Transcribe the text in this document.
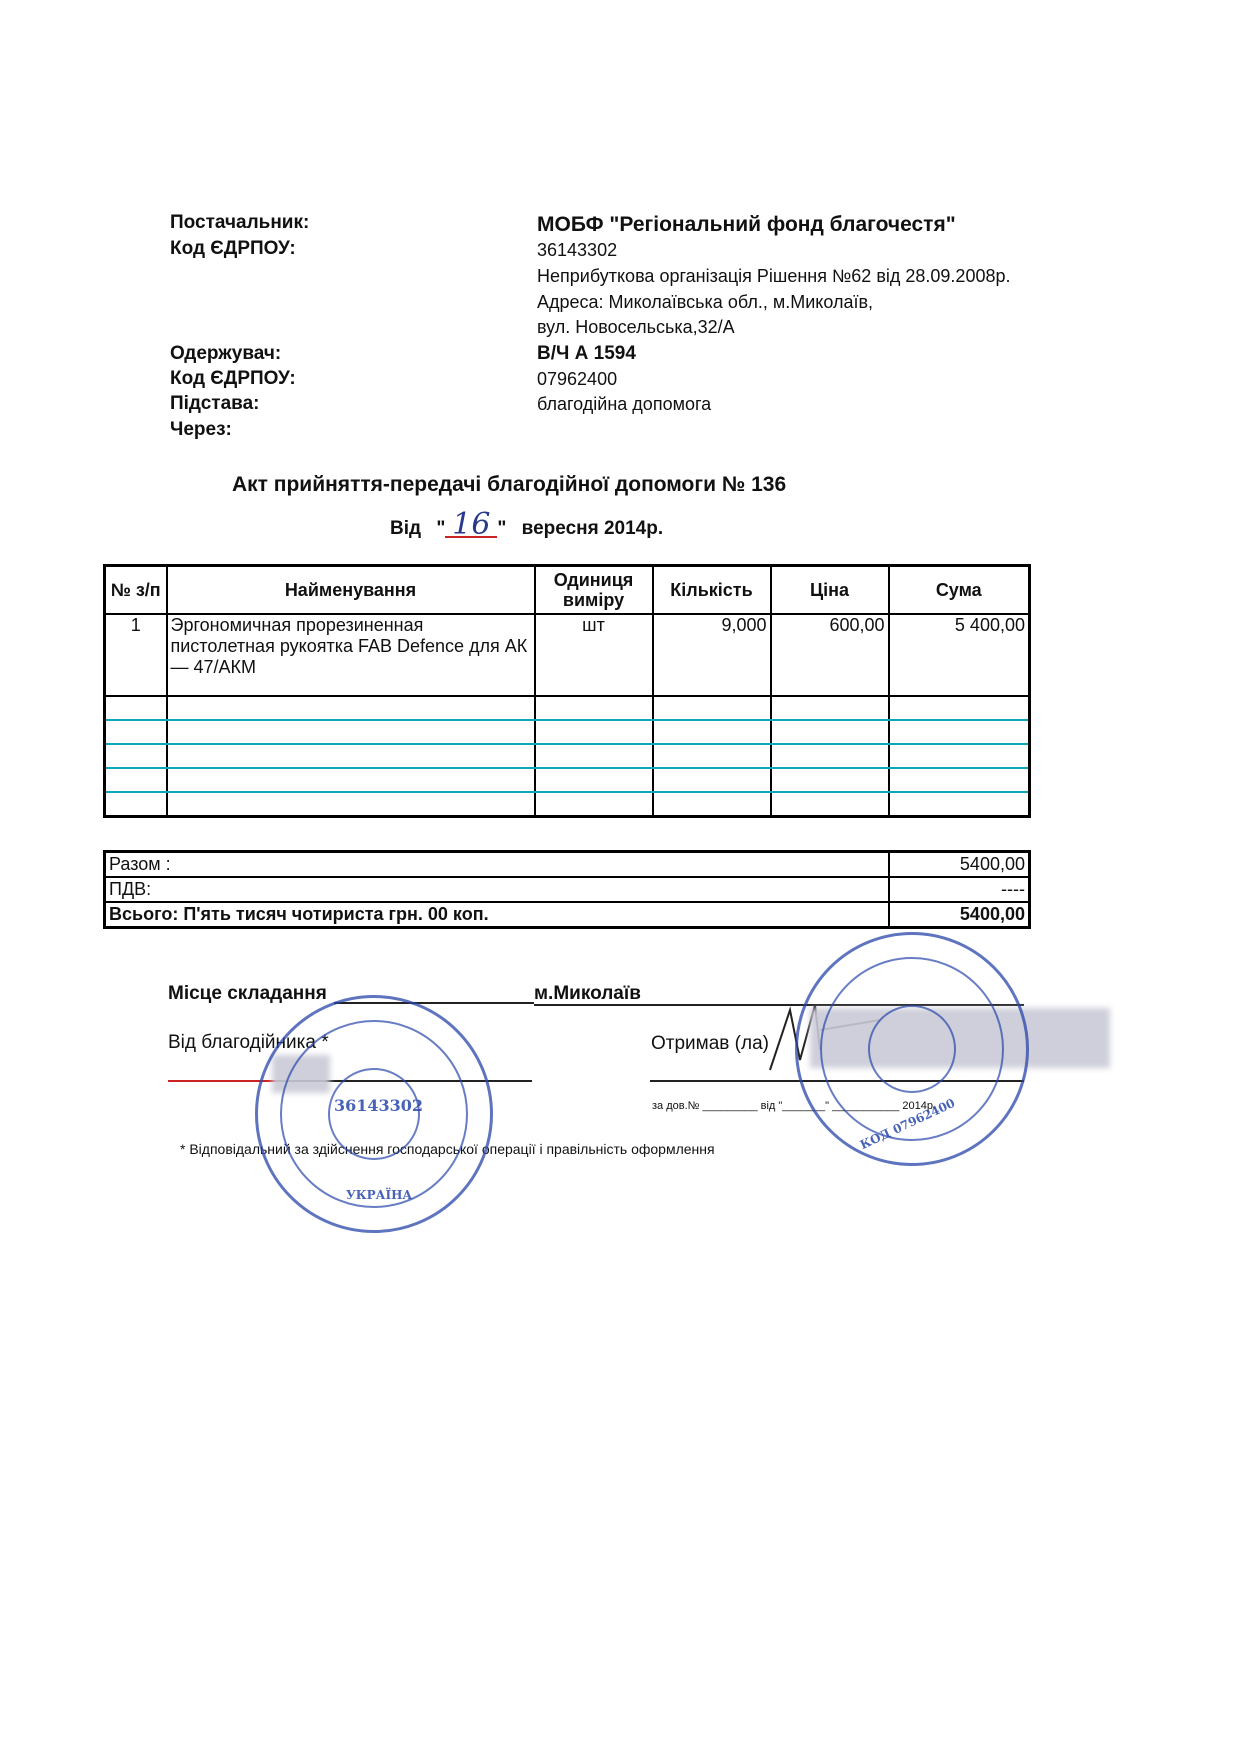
Постачальник:	МОБФ "Регіональний фонд благочестя"
Код ЄДРПОУ:	36143302
Неприбуткова організація Рішення №62 від 28.09.2008р.
Адреса: Миколаївська обл., м.Миколаїв,
вул. Новосельська,32/А
Одержувач:	В/Ч А 1594
Код ЄДРПОУ:	07962400
Підстава:	благодійна допомога
Через:
Акт прийняття-передачі благодійної допомоги № 136
Від " 16 " вересня 2014р.
№ з/п	Найменування	Одиниця виміру	Кількість	Ціна	Сума
1	Эргономичная прорезиненная пистолетная рукоятка FAB Defence для АК — 47/АКМ	шт	9,000	600,00	5 400,00

Разом :	5400,00
ПДВ:	----
Всього: П'ять тисяч чотириста грн. 00 коп.	5400,00
Місце складання	м.Миколаїв
Від благодійника *	Отримав (ла)
за дов.№ _________ від "_______" ___________ 2014р.
* Відповідальний за здійснення господарської операції і правільність оформлення
36143302
УКРАЇНА
КОД 07962400
